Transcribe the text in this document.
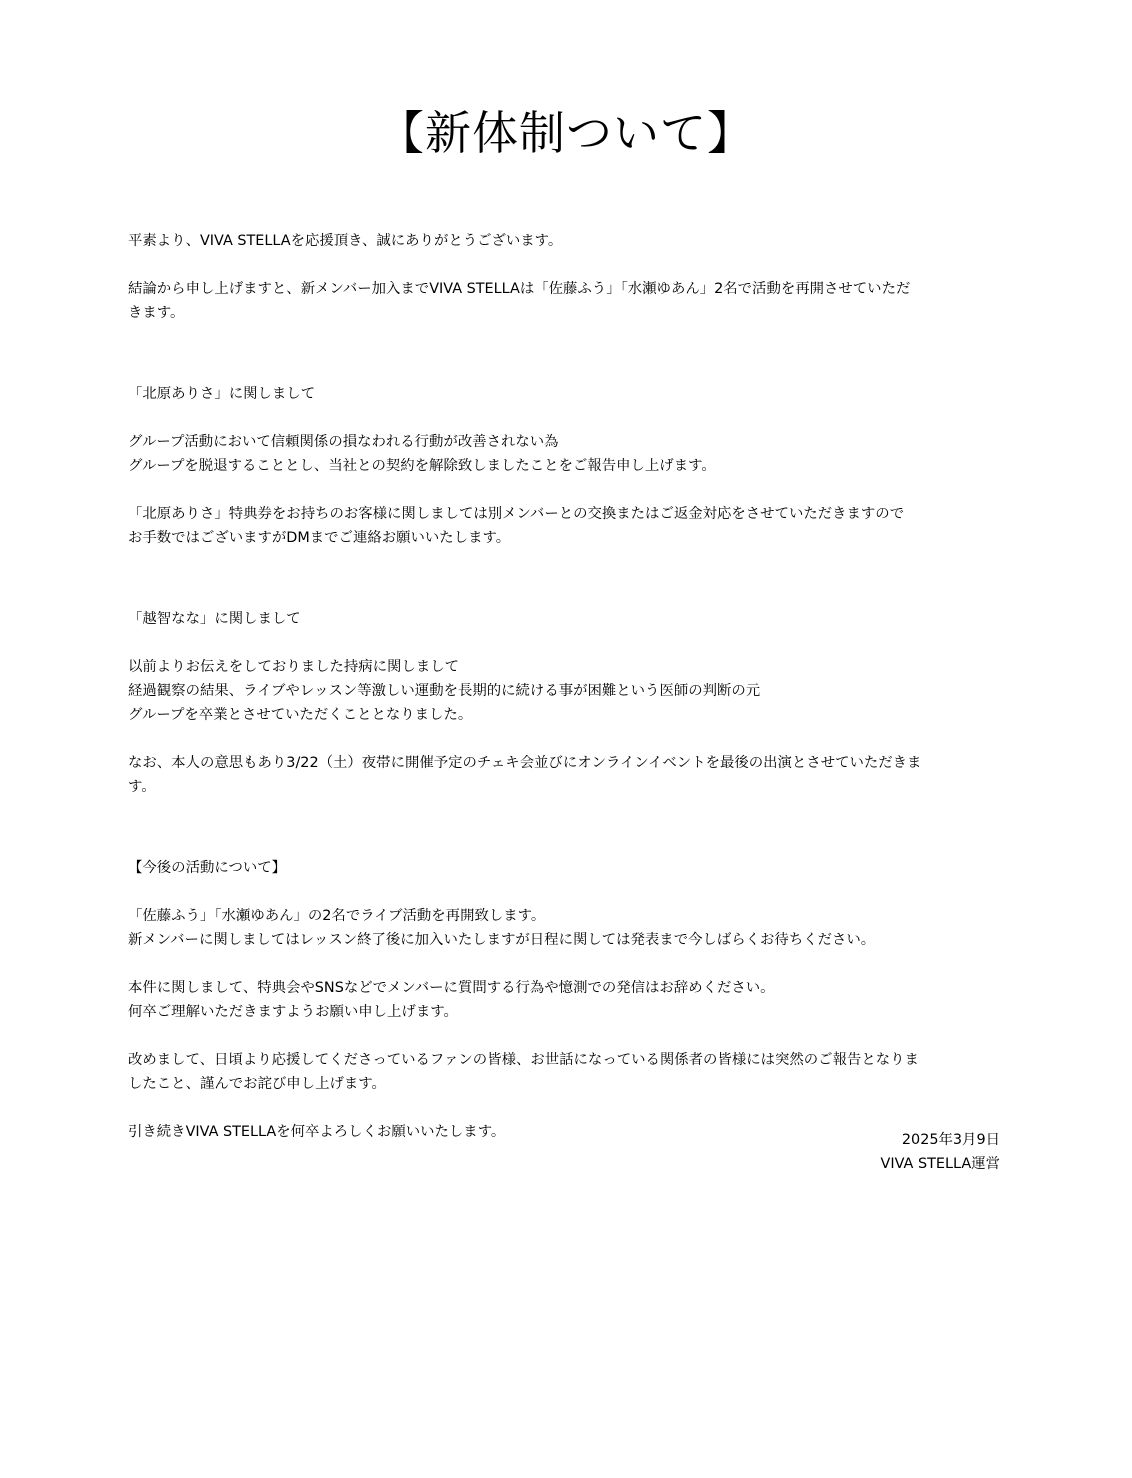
【新体制ついて】
平素より、VIVA STELLAを応援頂き、誠にありがとうございます。
結論から申し上げますと、新メンバー加入までVIVA STELLAは「佐藤ふう」「水瀬ゆあん」2名で活動を再開させていただ
きます。
「北原ありさ」に関しまして
グループ活動において信頼関係の損なわれる行動が改善されない為
グループを脱退することとし、当社との契約を解除致しましたことをご報告申し上げます。
「北原ありさ」特典券をお持ちのお客様に関しましては別メンバーとの交換またはご返金対応をさせていただきますので
お手数ではございますがDMまでご連絡お願いいたします。
「越智なな」に関しまして
以前よりお伝えをしておりました持病に関しまして
経過観察の結果、ライブやレッスン等激しい運動を長期的に続ける事が困難という医師の判断の元
グループを卒業とさせていただくこととなりました。
なお、本人の意思もあり3/22（土）夜帯に開催予定のチェキ会並びにオンラインイベントを最後の出演とさせていただきま
す。
【今後の活動について】
「佐藤ふう」「水瀬ゆあん」の2名でライブ活動を再開致します。
新メンバーに関しましてはレッスン終了後に加入いたしますが日程に関しては発表まで今しばらくお待ちください。
本件に関しまして、特典会やSNSなどでメンバーに質問する行為や憶測での発信はお辞めください。
何卒ご理解いただきますようお願い申し上げます。
改めまして、日頃より応援してくださっているファンの皆様、お世話になっている関係者の皆様には突然のご報告となりま
したこと、謹んでお詫び申し上げます。
引き続きVIVA STELLAを何卒よろしくお願いいたします。	2025年3月9日
VIVA STELLA運営
